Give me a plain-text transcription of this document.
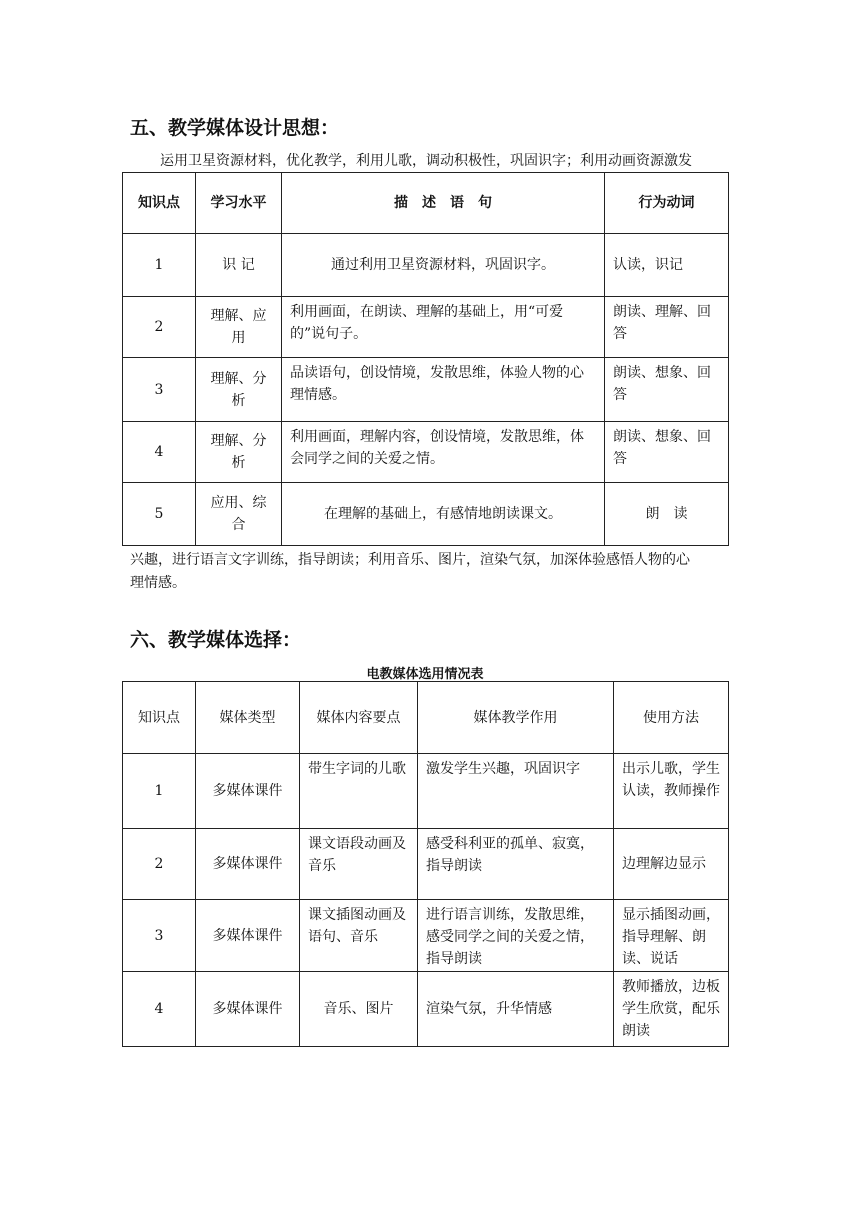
五、教学媒体设计思想：
运用卫星资源材料，优化教学，利用儿歌，调动积极性，巩固识字；利用动画资源激发
知识点	学习水平	描　述　语　句	行为动词
1	识 记	通过利用卫星资源材料，巩固识字。	认读，识记
2	理解、应用	利用画面，在朗读、理解的基础上，用“可爱的”说句子。	朗读、理解、回答
3	理解、分析	品读语句，创设情境，发散思维，体验人物的心理情感。	朗读、想象、回答
4	理解、分析	利用画面，理解内容，创设情境，发散思维，体会同学之间的关爱之情。	朗读、想象、回答
5	应用、综合	在理解的基础上，有感情地朗读课文。	朗　读
兴趣，进行语言文字训练，指导朗读；利用音乐、图片，渲染气氛，加深体验感悟人物的心
理情感。
六、教学媒体选择：
电教媒体选用情况表
知识点	媒体类型	媒体内容要点	媒体教学作用	使用方法
1	多媒体课件	带生字词的儿歌	激发学生兴趣，巩固识字	出示儿歌，学生认读，教师操作
2	多媒体课件	课文语段动画及音乐	感受科利亚的孤单、寂寞，指导朗读	边理解边显示
3	多媒体课件	课文插图动画及语句、音乐	进行语言训练，发散思维，感受同学之间的关爱之情，指导朗读	显示插图动画，指导理解、朗读、说话
4	多媒体课件	音乐、图片	渲染气氛，升华情感	教师播放，边板学生欣赏，配乐朗读
